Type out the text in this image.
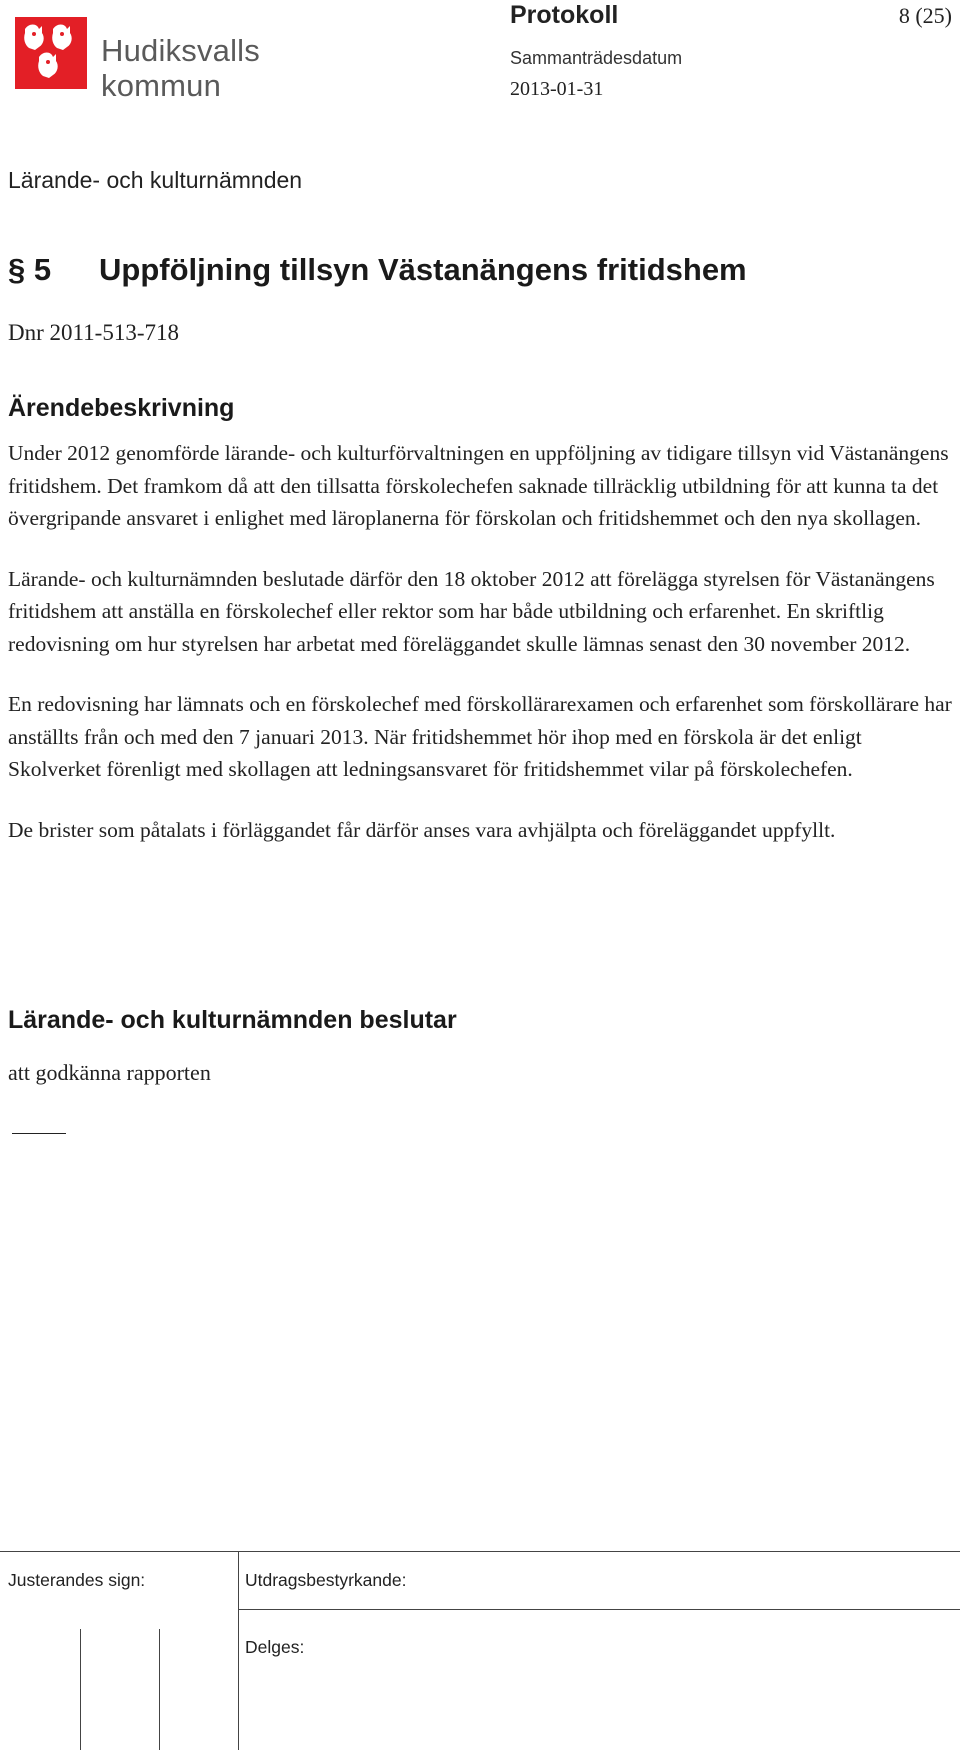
Hudiksvalls
kommun
Protokoll	8 (25)
Sammanträdesdatum
2013-01-31
Lärande- och kulturnämnden
§ 5 Uppföljning tillsyn Västanängens fritidshem
Dnr 2011-513-718
Ärendebeskrivning

Under 2012 genomförde lärande- och kulturförvaltningen en uppföljning av tidigare tillsyn vid Västanängens fritidshem. Det framkom då att den tillsatta förskolechefen saknade tillräcklig utbildning för att kunna ta det övergripande ansvaret i enlighet med läroplanerna för förskolan och fritidshemmet och den nya skollagen.

Lärande- och kulturnämnden beslutade därför den 18 oktober 2012 att förelägga styrelsen för Västanängens fritidshem att anställa en förskolechef eller rektor som har både utbildning och erfarenhet. En skriftlig redovisning om hur styrelsen har arbetat med föreläggandet skulle lämnas senast den 30 november 2012.

En redovisning har lämnats och en förskolechef med förskollärarexamen och erfarenhet som förskollärare har anställts från och med den 7 januari 2013. När fritidshemmet hör ihop med en förskola är det enligt Skolverket förenligt med skollagen att ledningsansvaret för fritidshemmet vilar på förskolechefen.

De brister som påtalats i förläggandet får därför anses vara avhjälpta och föreläggandet uppfyllt.

Lärande- och kulturnämnden beslutar
att godkänna rapporten
Justerandes sign:	Utdragsbestyrkande:
Delges:
